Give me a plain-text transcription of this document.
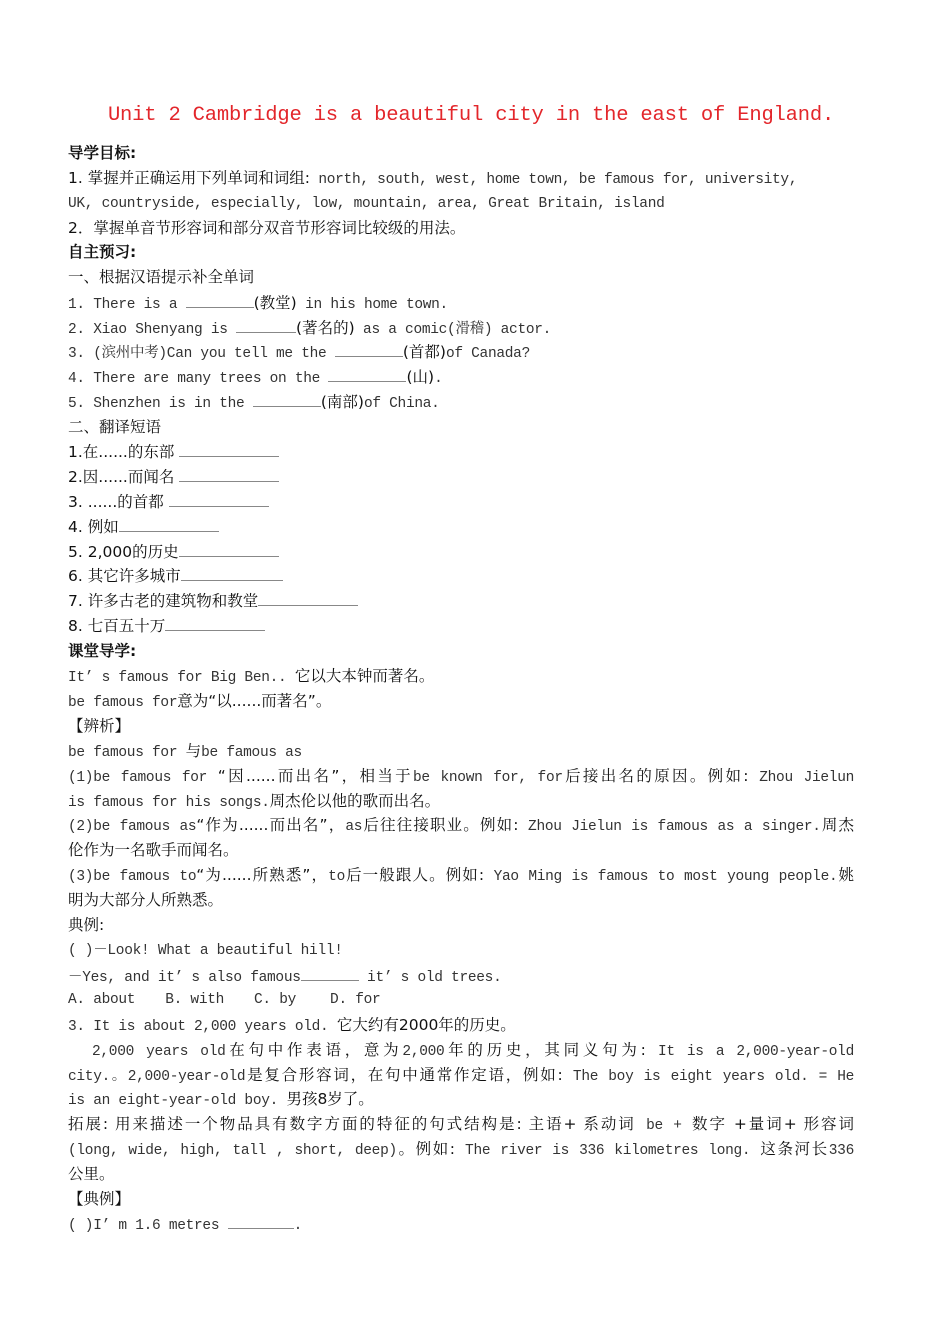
Unit 2 Cambridge is a beautiful city in the east of England.
导学目标:
1. 掌握并正确运用下列单词和词组: north, south, west, home town, be famous for, university,
UK, countryside, especially, low, mountain, area, Great Britain, island
2．掌握单音节形容词和部分双音节形容词比较级的用法。
自主预习:
一、根据汉语提示补全单词
1. There is a	(教堂) in his home town.
2. Xiao Shenyang is	(著名的) as a comic(滑稽) actor.
3. (滨州中考)Can you tell me the	(首都)of Canada?
4. There are many trees on the	(山).
5. Shenzhen is in the	(南部)of China.
二、翻译短语
1.在......的东部
2.因......而闻名
3. ......的首都
4. 例如
5. 2,000的历史
6. 其它许多城市
7. 许多古老的建筑物和教堂
8. 七百五十万
课堂导学:
It’ s famous for Big Ben.. 它以大本钟而著名。
be famous for意为“以......而著名”。
【辨析】
be famous for 与be famous as
(1)be famous for “因......而出名”，相当于be known for, for后接出名的原因。例如: Zhou Jielun
is famous for his songs.周杰伦以他的歌而出名。
(2)be famous as“作为......而出名”，as后往往接职业。例如: Zhou Jielun is famous as a singer.周杰
伦作为一名歌手而闻名。
(3)be famous to“为......所熟悉”，to后一般跟人。例如: Yao Ming is famous to most young people.姚
明为大部分人所熟悉。
典例:
( )－Look! What a beautiful hill!
－Yes, and it’ s also famous	it’ s old trees.
A. about B. with C. by D. for
3. It is about 2,000 years old. 它大约有2000年的历史。
2,000 years old在句中作表语，意为2,000年的历史，其同义句为: It is a 2,000-year-old
city.。2,000-year-old是复合形容词，在句中通常作定语，例如: The boy is eight years old. = He
is an eight-year-old boy. 男孩8岁了。
拓展: 用来描述一个物品具有数字方面的特征的句式结构是: 主语+ 系动词 be + 数字 +量词+ 形容词
(long, wide, high, tall , short, deep)。例如: The river is 336 kilometres long. 这条河长336
公里。
【典例】
( )I’ m 1.6 metres	.
